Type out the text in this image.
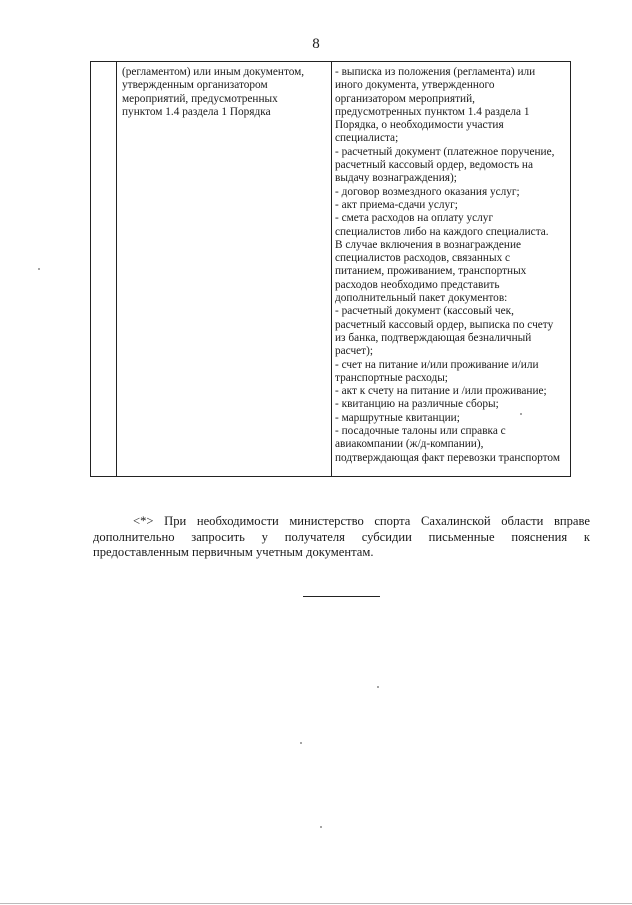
8
(регламентом) или иным документом,
утвержденным организатором
мероприятий, предусмотренных
пунктом 1.4 раздела 1 Порядка
- выписка из положения (регламента) или
иного документа, утвержденного
организатором мероприятий,
предусмотренных пунктом 1.4 раздела 1
Порядка, о необходимости участия
специалиста;
- расчетный документ (платежное поручение,
расчетный кассовый ордер, ведомость на
выдачу вознаграждения);
- договор возмездного оказания услуг;
- акт приема-сдачи услуг;
- смета расходов на оплату услуг
специалистов либо на каждого специалиста.
В случае включения в вознаграждение
специалистов расходов, связанных с
питанием, проживанием, транспортных
расходов необходимо представить
дополнительный пакет документов:
- расчетный документ (кассовый чек,
расчетный кассовый ордер, выписка по счету
из банка, подтверждающая безналичный
расчет);
- счет на питание и/или проживание и/или
транспортные расходы;
- акт к счету на питание и /или проживание;
- квитанцию на различные сборы;
- маршрутные квитанции;
- посадочные талоны или справка с
авиакомпании (ж/д-компании),
подтверждающая факт перевозки транспортом
<*> При необходимости министерство спорта Сахалинской области вправе
дополнительно запросить у получателя субсидии письменные пояснения к
предоставленным первичным учетным документам.
